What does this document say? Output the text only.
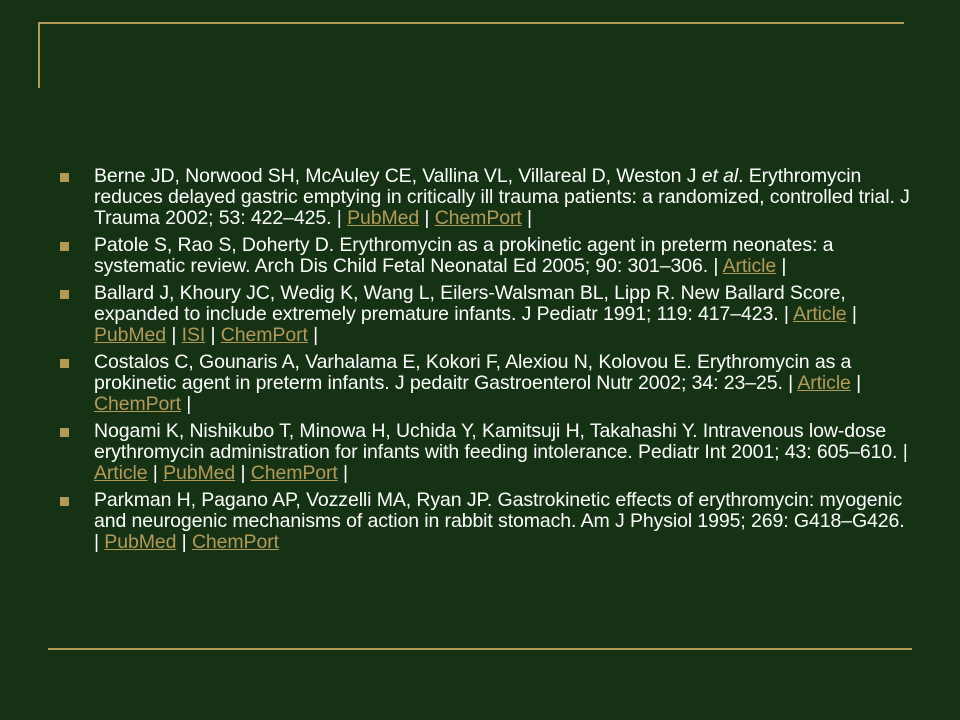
Berne JD, Norwood SH, McAuley CE, Vallina VL, Villareal D, Weston J et al. Erythromycin reduces delayed gastric emptying in critically ill trauma patients: a randomized, controlled trial. J Trauma 2002; 53: 422–425. | PubMed | ChemPort |
Patole S, Rao S, Doherty D. Erythromycin as a prokinetic agent in preterm neonates: a systematic review. Arch Dis Child Fetal Neonatal Ed 2005; 90: 301–306. | Article |
Ballard J, Khoury JC, Wedig K, Wang L, Eilers-Walsman BL, Lipp R. New Ballard Score, expanded to include extremely premature infants. J Pediatr 1991; 119: 417–423. | Article | PubMed | ISI | ChemPort |
Costalos C, Gounaris A, Varhalama E, Kokori F, Alexiou N, Kolovou E. Erythromycin as a prokinetic agent in preterm infants. J pedaitr Gastroenterol Nutr 2002; 34: 23–25. | Article | ChemPort |
Nogami K, Nishikubo T, Minowa H, Uchida Y, Kamitsuji H, Takahashi Y. Intravenous low-dose erythromycin administration for infants with feeding intolerance. Pediatr Int 2001; 43: 605–610. | Article | PubMed | ChemPort |
Parkman H, Pagano AP, Vozzelli MA, Ryan JP. Gastrokinetic effects of erythromycin: myogenic and neurogenic mechanisms of action in rabbit stomach. Am J Physiol 1995; 269: G418–G426. | PubMed | ChemPort
